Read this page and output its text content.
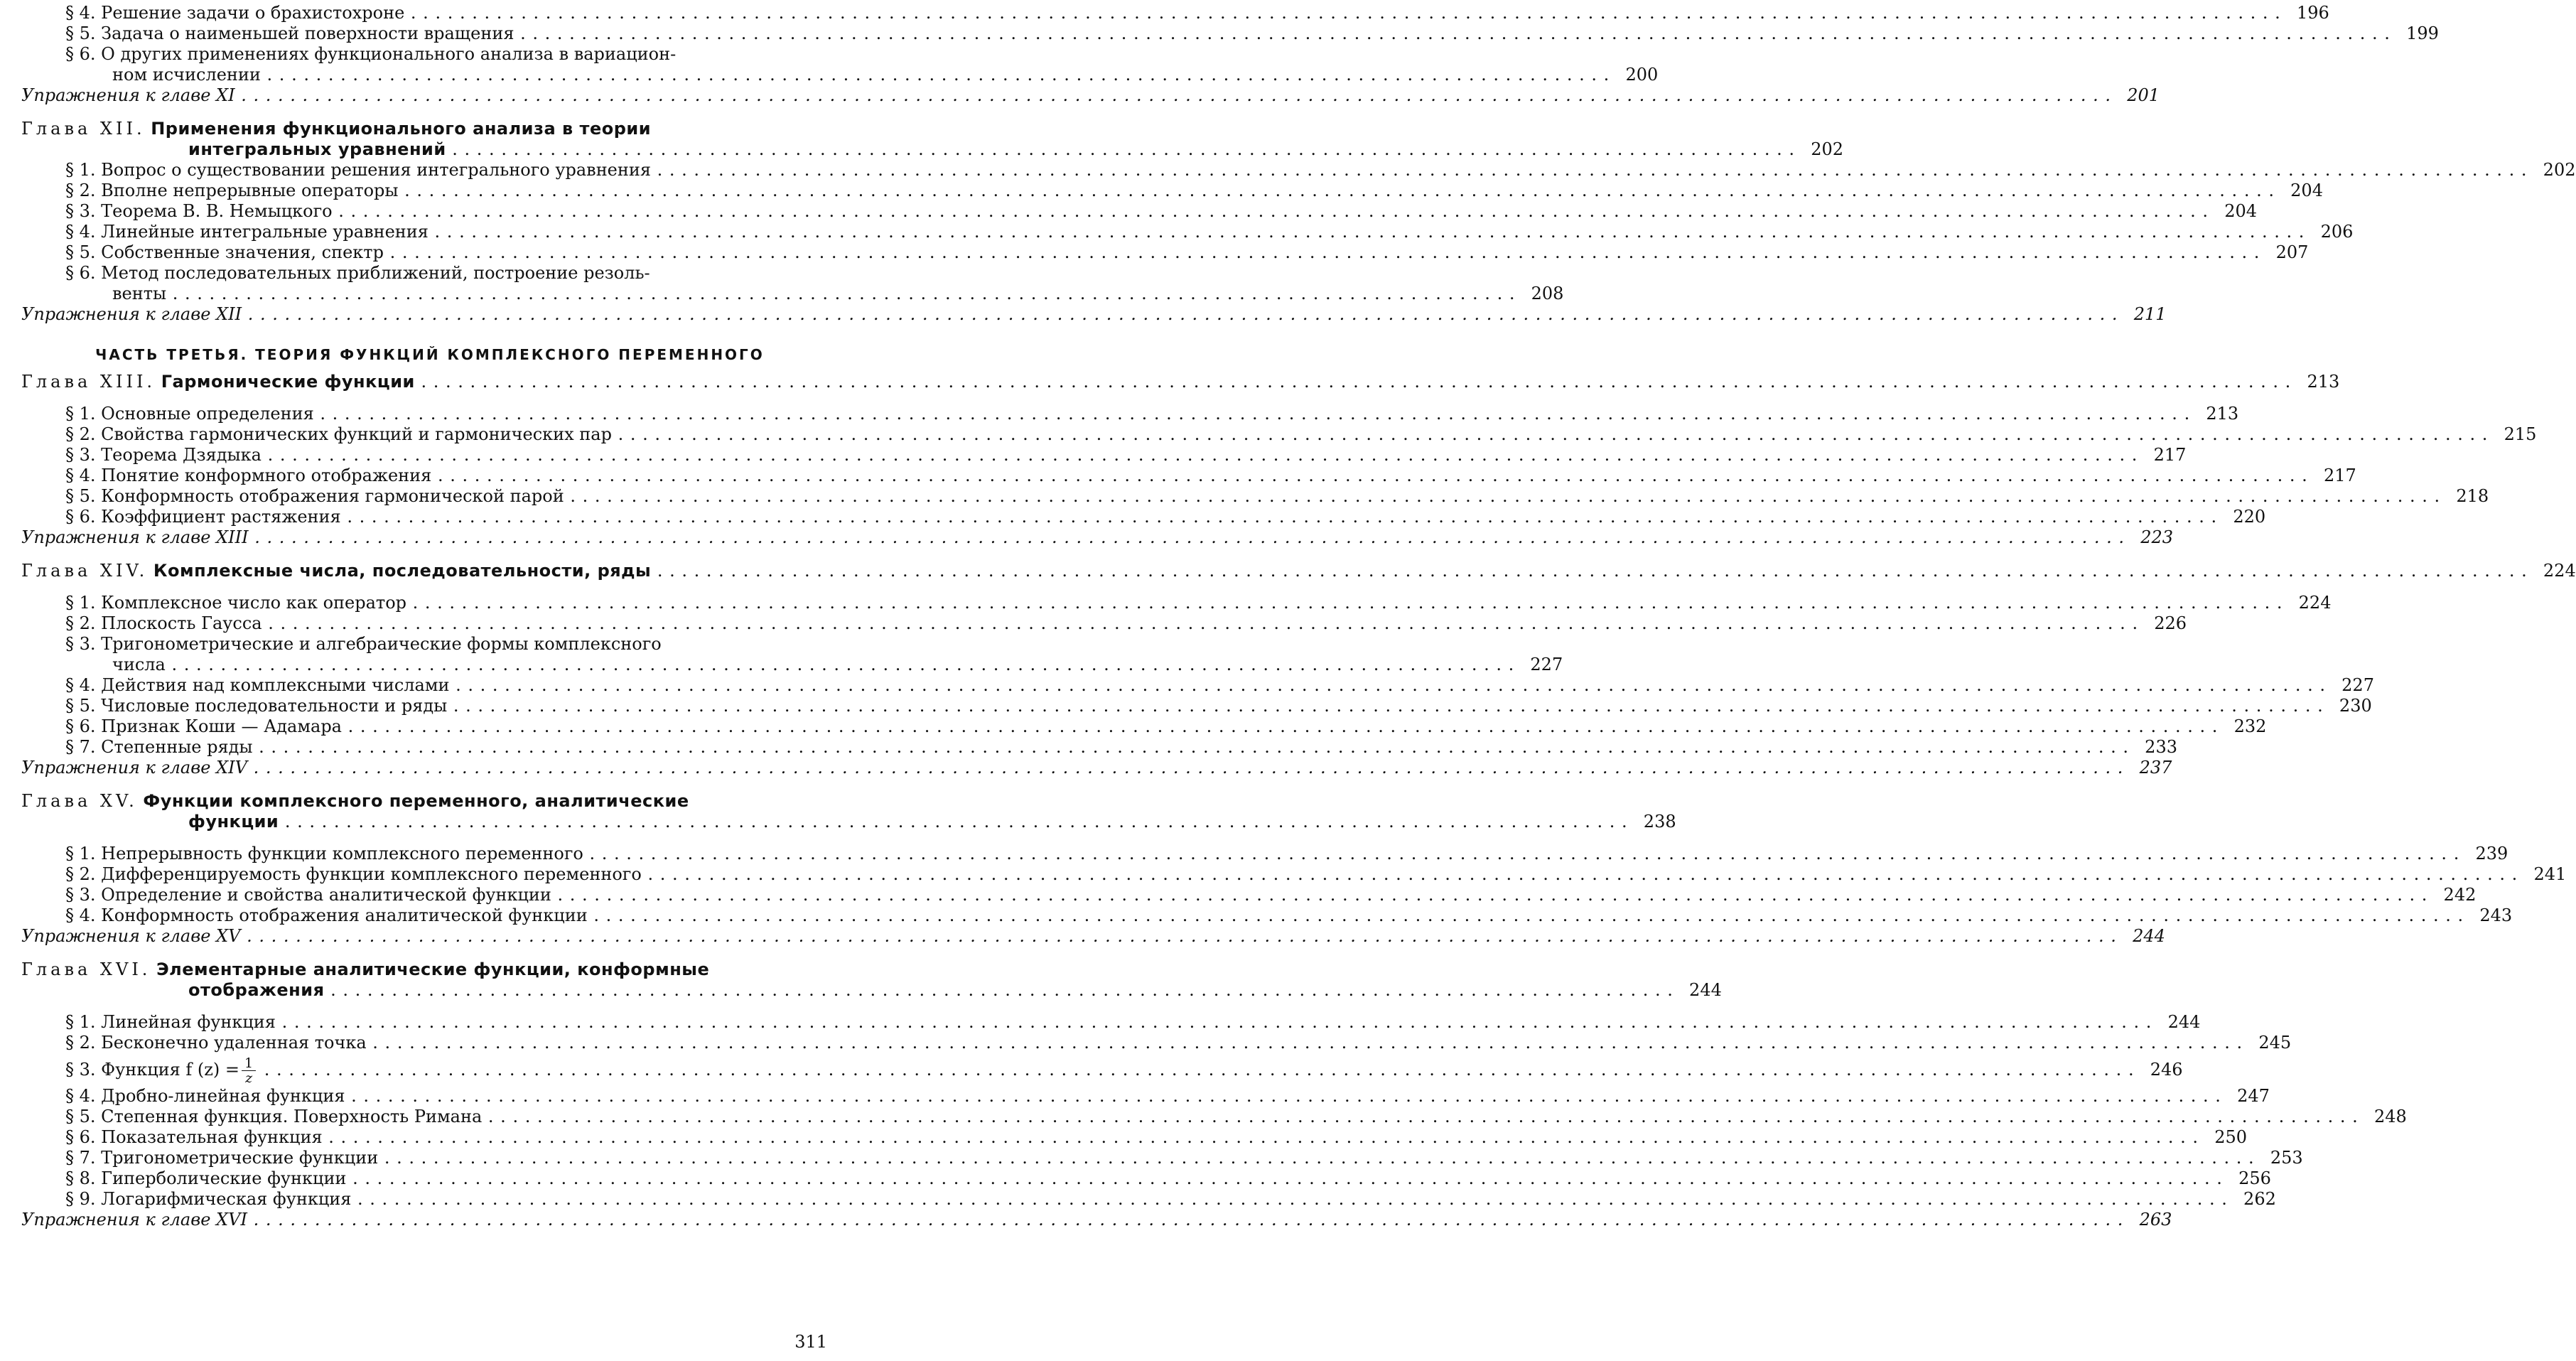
§ 4. Решение задачи о брахистохроне . . .	196
§ 5. Задача о наименьшей поверхности вращения . . .	199
§ 6. О других применениях функционального анализа в вариацион-
ном исчислении . . .	200
Упражнения к главе XI . . .	201
Глава XII. Применения функционального анализа в теории
интегральных уравнений . . .	202
§ 1. Вопрос о существовании решения интегрального уравнения . . .	202
§ 2. Вполне непрерывные операторы . . .	204
§ 3. Теорема В. В. Немыцкого . . .	204
§ 4. Линейные интегральные уравнения . . .	206
§ 5. Собственные значения, спектр . . .	207
§ 6. Метод последовательных приближений, построение резоль-
венты . . .	208
Упражнения к главе XII . . .	211
ЧАСТЬ ТРЕТЬЯ. ТЕОРИЯ ФУНКЦИЙ КОМПЛЕКСНОГО ПЕРЕМЕННОГО
Глава XIII. Гармонические функции . . .	213
§ 1. Основные определения . . .	213
§ 2. Свойства гармонических функций и гармонических пар . . .	215
§ 3. Теорема Дзядыка . . .	217
§ 4. Понятие конформного отображения . . .	217
§ 5. Конформность отображения гармонической парой . . .	218
§ 6. Коэффициент растяжения . . .	220
Упражнения к главе XIII . . .	223
Глава XIV. Комплексные числа, последовательности, ряды . . .	224
§ 1. Комплексное число как оператор . . .	224
§ 2. Плоскость Гаусса . . .	226
§ 3. Тригонометрические и алгебраические формы комплексного
числа . . .	227
§ 4. Действия над комплексными числами . . .	227
§ 5. Числовые последовательности и ряды . . .	230
§ 6. Признак Коши — Адамара . . .	232
§ 7. Степенные ряды . . .	233
Упражнения к главе XIV . . .	237
Глава XV. Функции комплексного переменного, аналитические
функции . . .	238
§ 1. Непрерывность функции комплексного переменного . . .	239
§ 2. Дифференцируемость функции комплексного переменного . . .	241
§ 3. Определение и свойства аналитической функции . . .	242
§ 4. Конформность отображения аналитической функции . . .	243
Упражнения к главе XV . . .	244
Глава XVI. Элементарные аналитические функции, конформные
отображения . . .	244
§ 1. Линейная функция . . .	244
§ 2. Бесконечно удаленная точка . . .	245
§ 3. Функция f $(z) = \frac{1}{z}$
. . .	246
§ 4. Дробно-линейная функция . . .	247
§ 5. Степенная функция. Поверхность Римана . . .	248
§ 6. Показательная функция . . .	250
§ 7. Тригонометрические функции . . .	253
§ 8. Гиперболические функции . . .	256
§ 9. Логарифмическая функция . . .	262
Упражнения к главе XVI . . .	263
311
